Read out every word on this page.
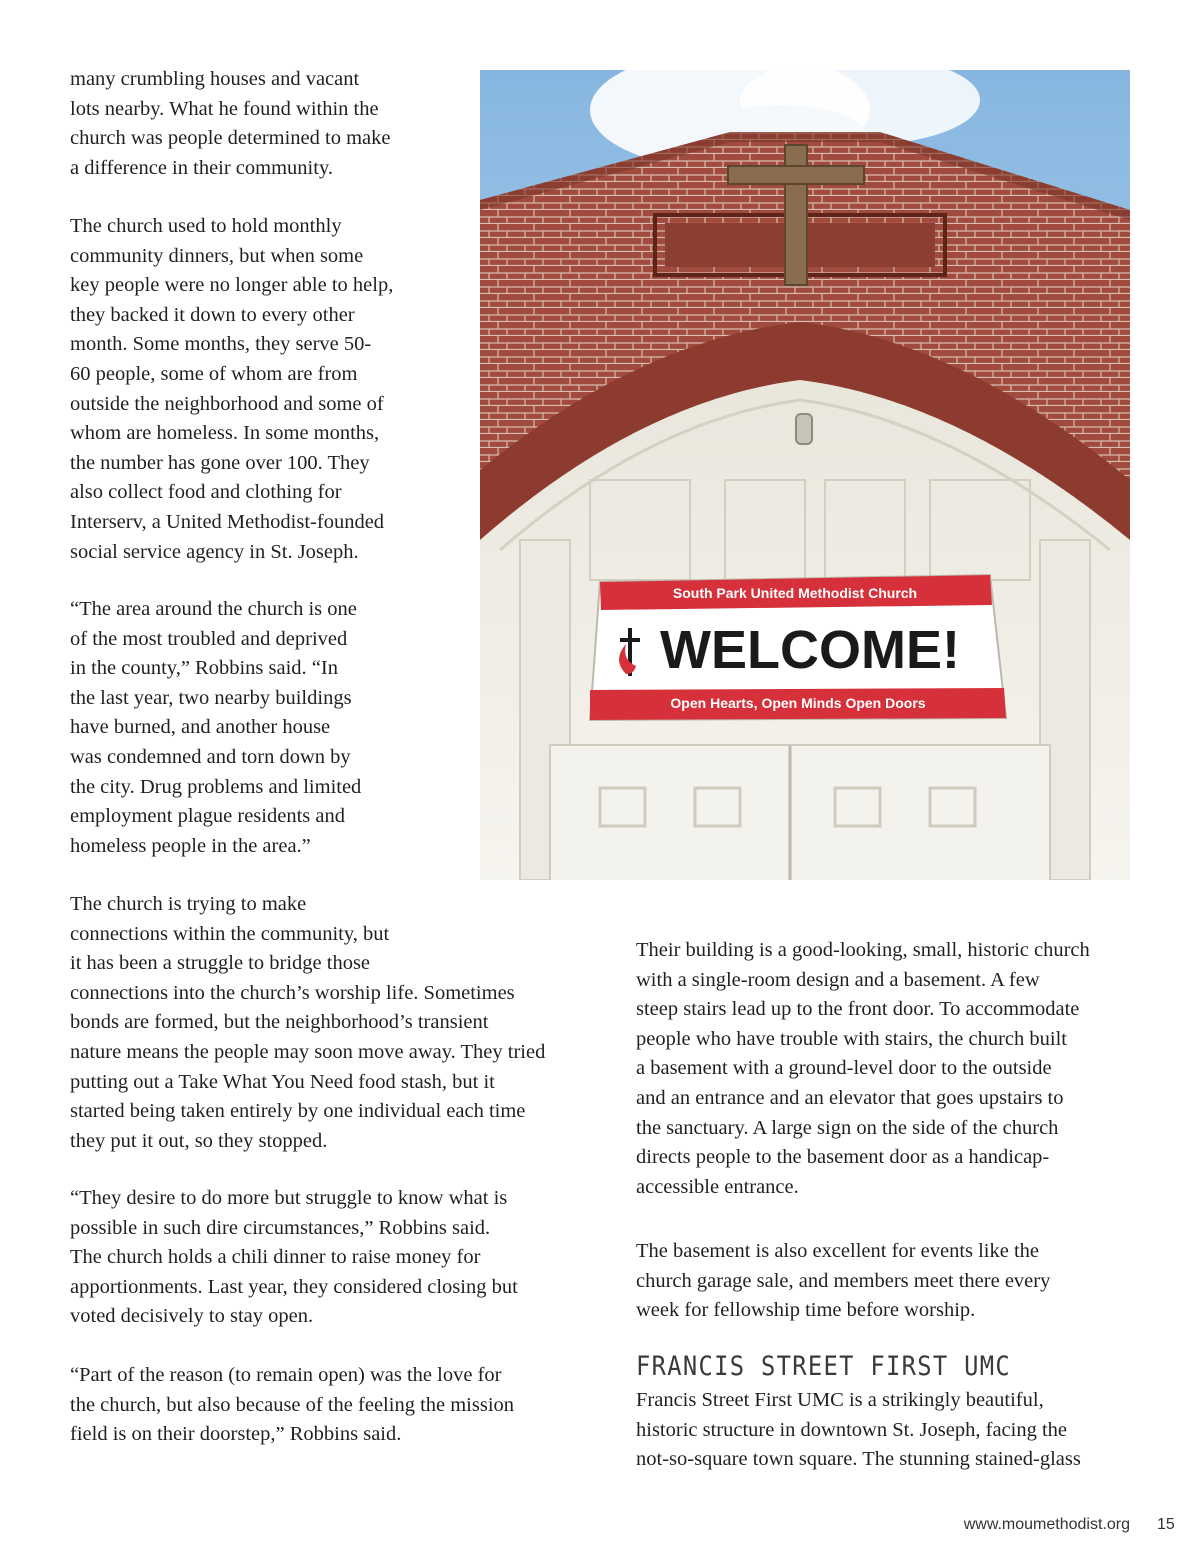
many crumbling houses and vacant
lots nearby. What he found within the
church was people determined to make
a difference in their community.
The church used to hold monthly
community dinners, but when some
key people were no longer able to help,
they backed it down to every other
month. Some months, they serve 50-
60 people, some of whom are from
outside the neighborhood and some of
whom are homeless. In some months,
the number has gone over 100. They
also collect food and clothing for
Interserv, a United Methodist-founded
social service agency in St. Joseph.
“The area around the church is one
of the most troubled and deprived
in the county,” Robbins said. “In
the last year, two nearby buildings
have burned, and another house
was condemned and torn down by
the city. Drug problems and limited
employment plague residents and
homeless people in the area.”
The church is trying to make
connections within the community, but
it has been a struggle to bridge those
connections into the church’s worship life. Sometimes
bonds are formed, but the neighborhood’s transient
nature means the people may soon move away. They tried
putting out a Take What You Need food stash, but it
started being taken entirely by one individual each time
they put it out, so they stopped.
“They desire to do more but struggle to know what is
possible in such dire circumstances,” Robbins said.
The church holds a chili dinner to raise money for
apportionments. Last year, they considered closing but
voted decisively to stay open.
“Part of the reason (to remain open) was the love for
the church, but also because of the feeling the mission
field is on their doorstep,” Robbins said.
Their building is a good-looking, small, historic church
with a single-room design and a basement. A few
steep stairs lead up to the front door. To accommodate
people who have trouble with stairs, the church built
a basement with a ground-level door to the outside
and an entrance and an elevator that goes upstairs to
the sanctuary. A large sign on the side of the church
directs people to the basement door as a handicap-
accessible entrance.
The basement is also excellent for events like the
church garage sale, and members meet there every
week for fellowship time before worship.
FRANCIS STREET FIRST UMC
Francis Street First UMC is a strikingly beautiful,
historic structure in downtown St. Joseph, facing the
not-so-square town square. The stunning stained-glass
South Park United Methodist Church
WELCOME!
Open Hearts, Open Minds Open Doors
www.moumethodist.org 15
